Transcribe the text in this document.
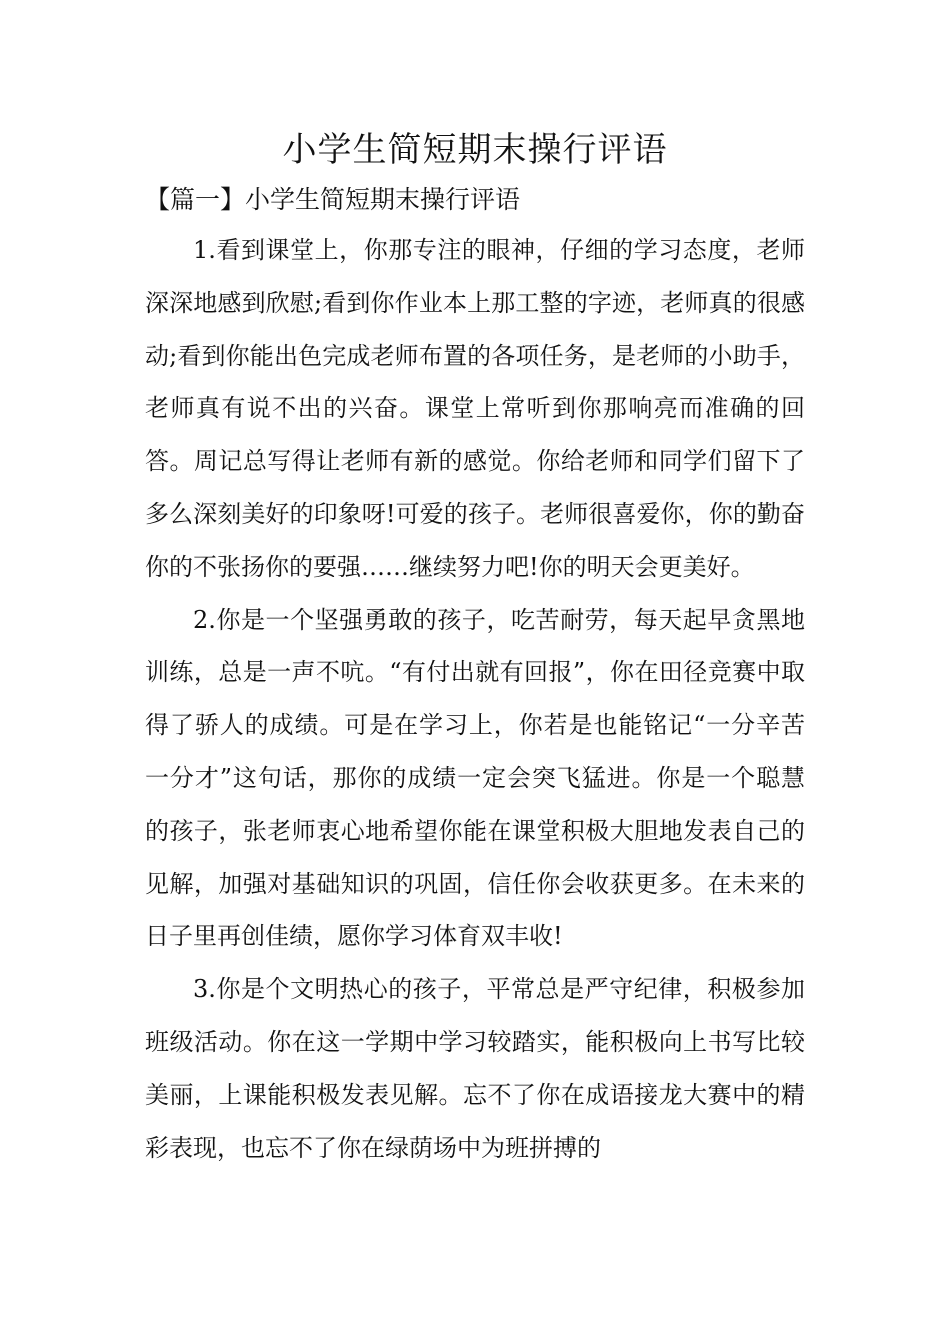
小学生简短期末操行评语
【篇一】小学生简短期末操行评语

1.看到课堂上，你那专注的眼神，仔细的学习态度，老师深深地感到欣慰;看到你作业本上那工整的字迹，老师真的很感动;看到你能出色完成老师布置的各项任务，是老师的小助手，老师真有说不出的兴奋。课堂上常听到你那响亮而准确的回答。周记总写得让老师有新的感觉。你给老师和同学们留下了多么深刻美好的印象呀!可爱的孩子。老师很喜爱你，你的勤奋你的不张扬你的要强……继续努力吧!你的明天会更美好。

2.你是一个坚强勇敢的孩子，吃苦耐劳，每天起早贪黑地训练，总是一声不吭。“有付出就有回报”，你在田径竞赛中取得了骄人的成绩。可是在学习上，你若是也能铭记“一分辛苦一分才”这句话，那你的成绩一定会突飞猛进。你是一个聪慧的孩子，张老师衷心地希望你能在课堂积极大胆地发表自己的见解，加强对基础知识的巩固，信任你会收获更多。在未来的日子里再创佳绩，愿你学习体育双丰收!

3.你是个文明热心的孩子，平常总是严守纪律，积极参加班级活动。你在这一学期中学习较踏实，能积极向上书写比较美丽，上课能积极发表见解。忘不了你在成语接龙大赛中的精彩表现，也忘不了你在绿荫场中为班拼搏的
